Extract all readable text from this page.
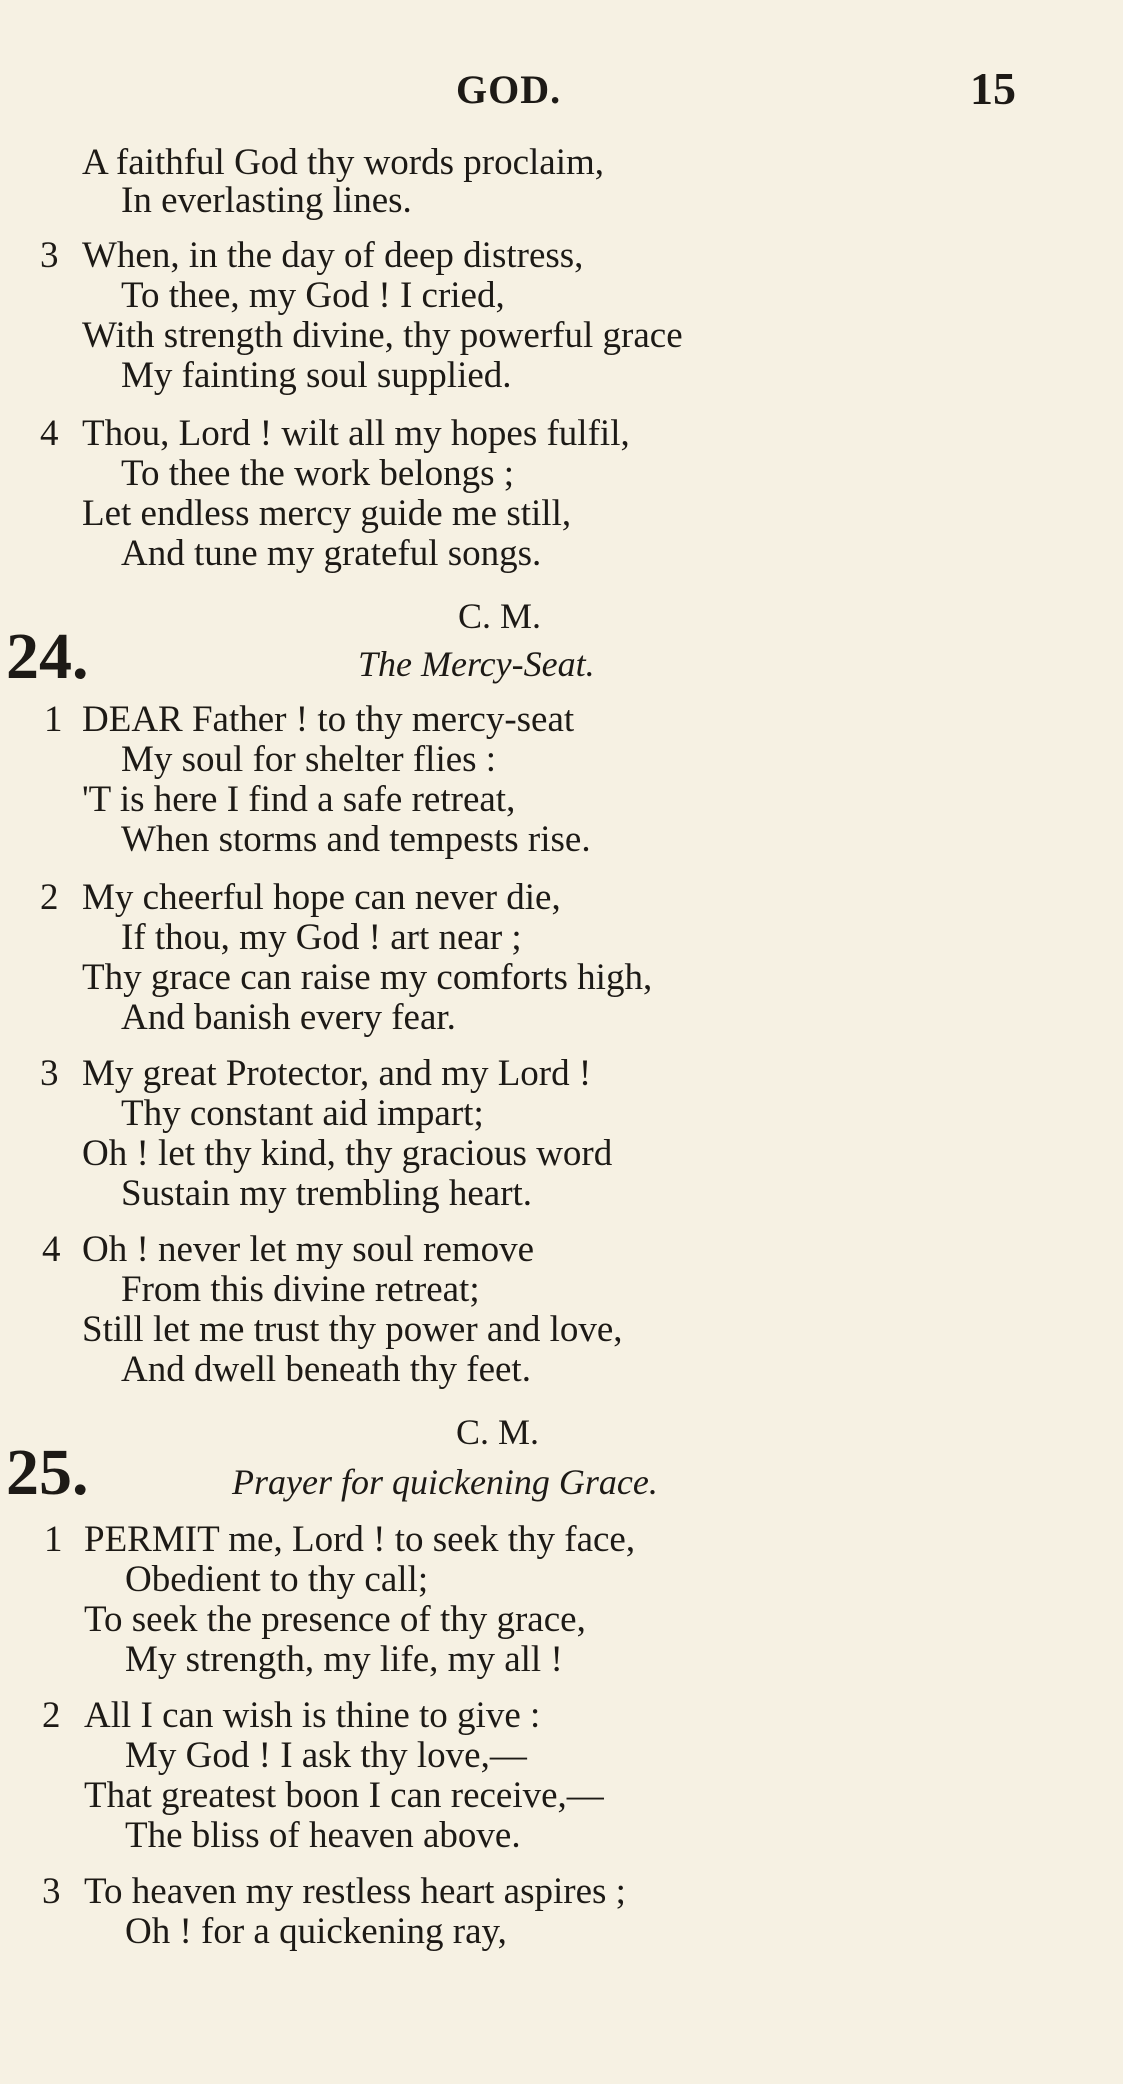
GOD.	15
A faithful God thy words proclaim,
In everlasting lines.
3 When, in the day of deep distress,
To thee, my God ! I cried,
With strength divine, thy powerful grace
My fainting soul supplied.
4 Thou, Lord ! wilt all my hopes fulfil,
To thee the work belongs ;
Let endless mercy guide me still,
And tune my grateful songs.
C. M.
24.	The Mercy-Seat.
1 DEAR Father ! to thy mercy-seat
My soul for shelter flies :
'T is here I find a safe retreat,
When storms and tempests rise.
2 My cheerful hope can never die,
If thou, my God ! art near ;
Thy grace can raise my comforts high,
And banish every fear.
3 My great Protector, and my Lord !
Thy constant aid impart;
Oh ! let thy kind, thy gracious word
Sustain my trembling heart.
4 Oh ! never let my soul remove
From this divine retreat;
Still let me trust thy power and love,
And dwell beneath thy feet.
C. M.
25.	Prayer for quickening Grace.
1 PERMIT me, Lord ! to seek thy face,
Obedient to thy call;
To seek the presence of thy grace,
My strength, my life, my all !
2 All I can wish is thine to give :
My God ! I ask thy love,—
That greatest boon I can receive,—
The bliss of heaven above.
3 To heaven my restless heart aspires ;
Oh ! for a quickening ray,
